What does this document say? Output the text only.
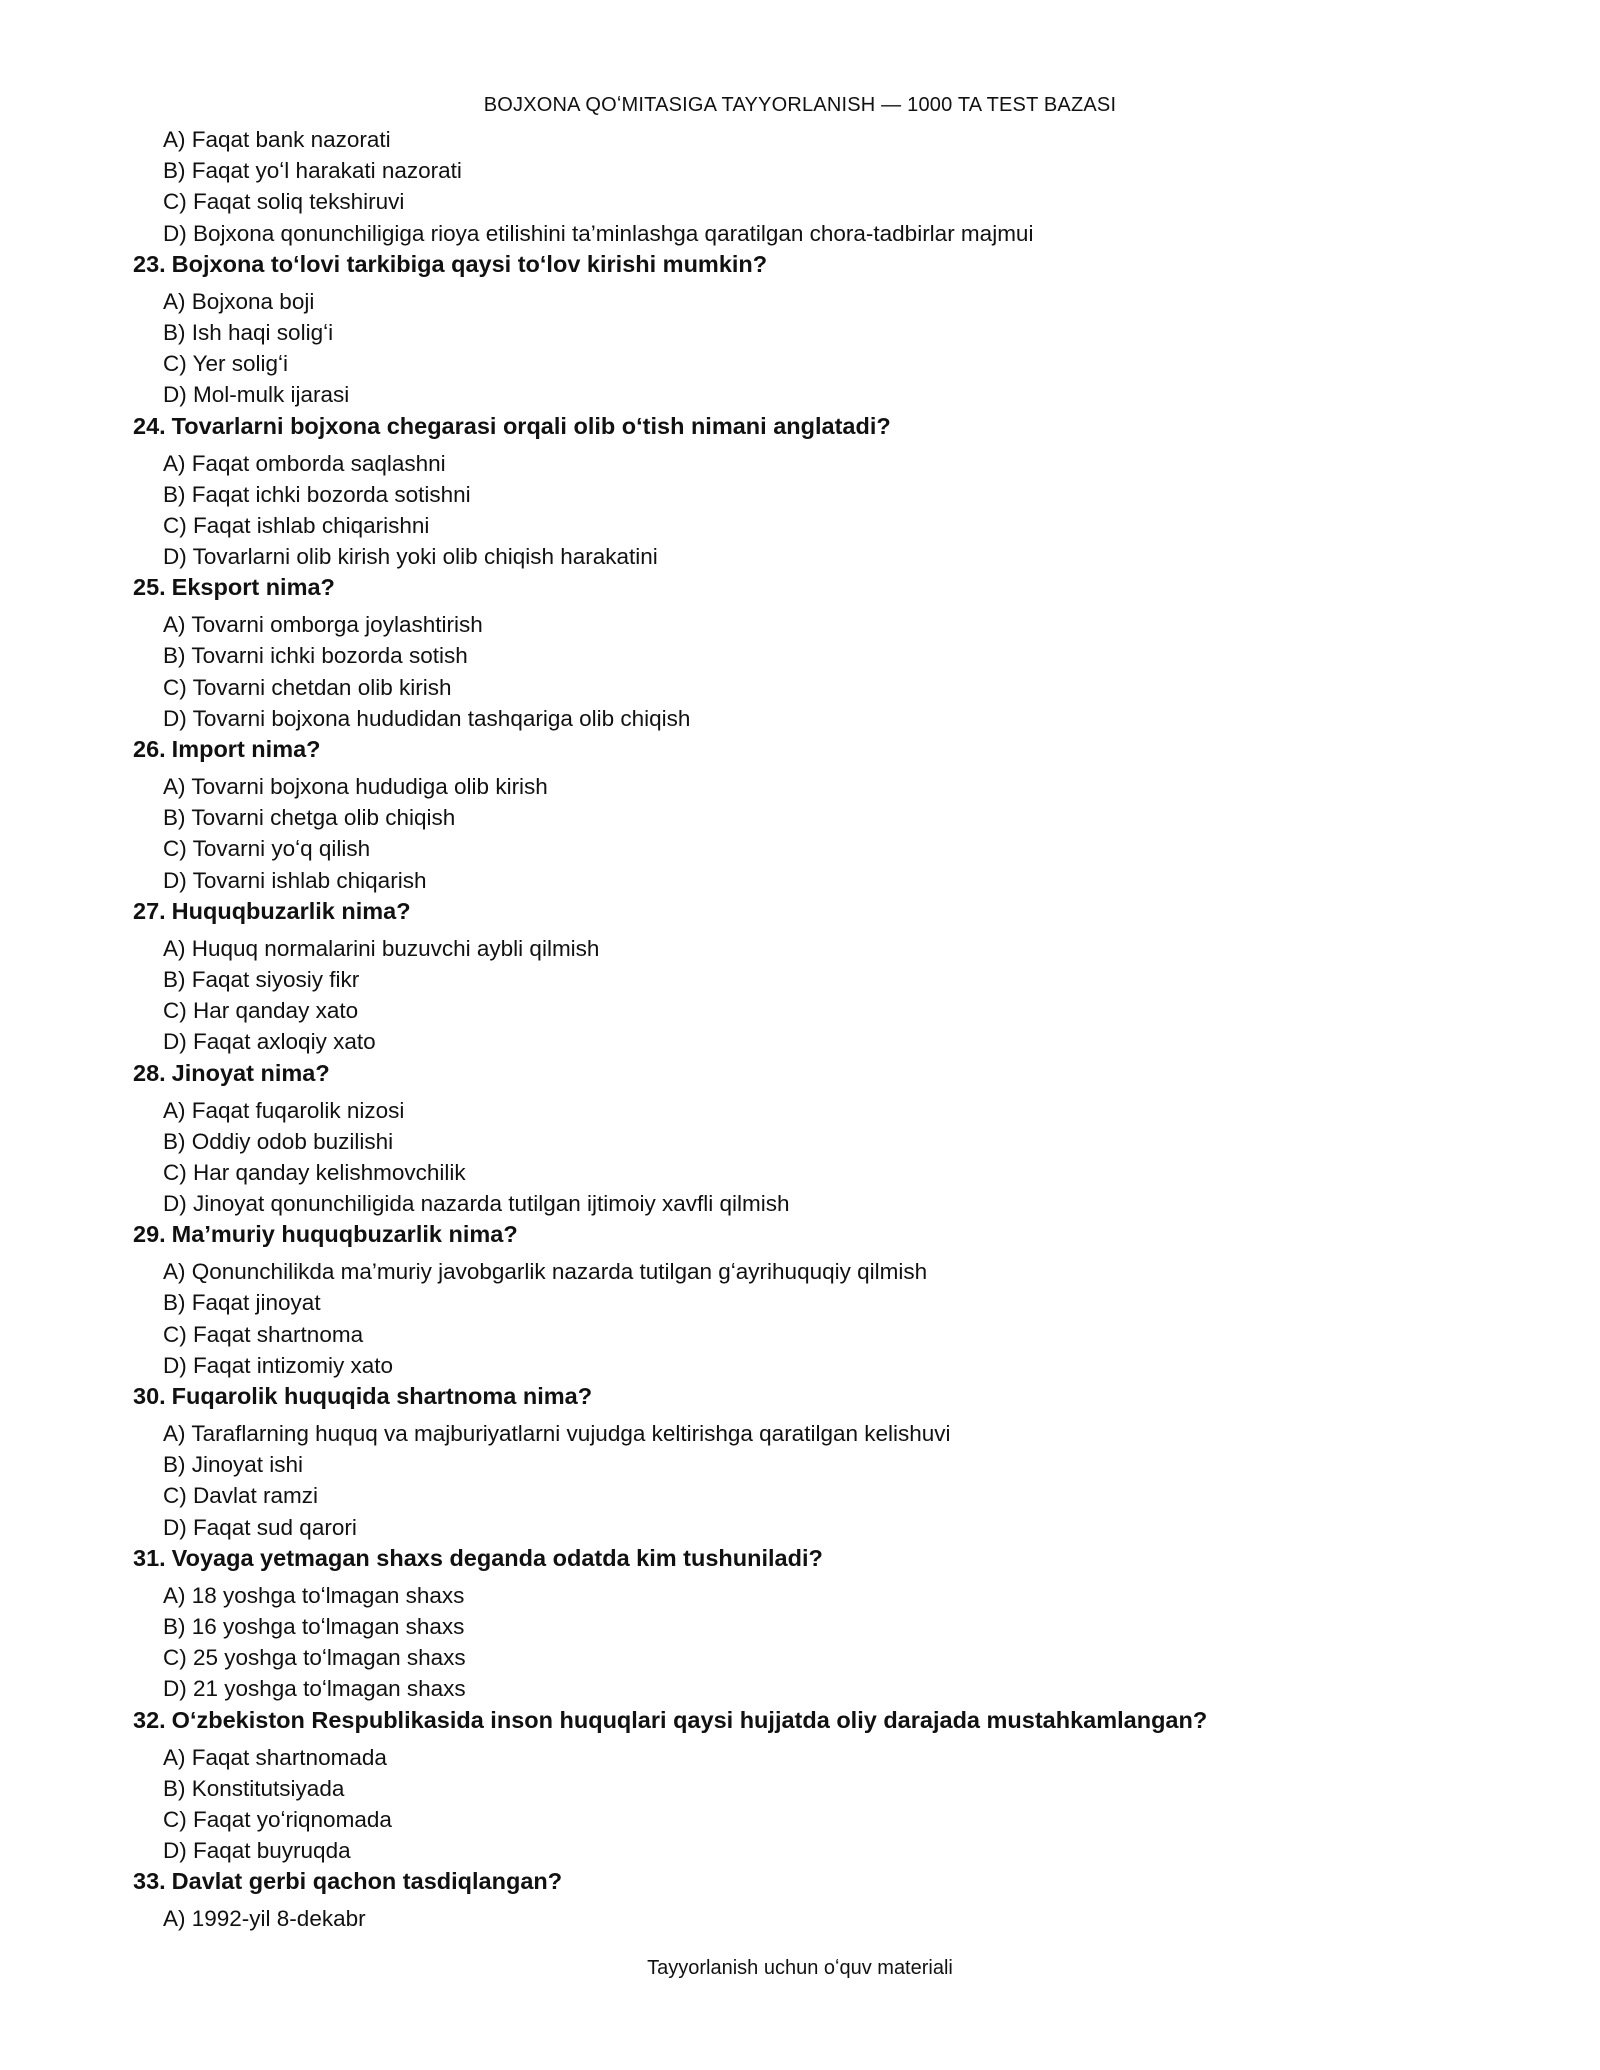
BOJXONA QOʻMITASIGA TAYYORLANISH — 1000 TA TEST BAZASI
A) Faqat bank nazorati
B) Faqat yoʻl harakati nazorati
C) Faqat soliq tekshiruvi
D) Bojxona qonunchiligiga rioya etilishini ta’minlashga qaratilgan chora-tadbirlar majmui
23. Bojxona toʻlovi tarkibiga qaysi toʻlov kirishi mumkin?
A) Bojxona boji
B) Ish haqi soligʻi
C) Yer soligʻi
D) Mol-mulk ijarasi
24. Tovarlarni bojxona chegarasi orqali olib oʻtish nimani anglatadi?
A) Faqat omborda saqlashni
B) Faqat ichki bozorda sotishni
C) Faqat ishlab chiqarishni
D) Tovarlarni olib kirish yoki olib chiqish harakatini
25. Eksport nima?
A) Tovarni omborga joylashtirish
B) Tovarni ichki bozorda sotish
C) Tovarni chetdan olib kirish
D) Tovarni bojxona hududidan tashqariga olib chiqish
26. Import nima?
A) Tovarni bojxona hududiga olib kirish
B) Tovarni chetga olib chiqish
C) Tovarni yoʻq qilish
D) Tovarni ishlab chiqarish
27. Huquqbuzarlik nima?
A) Huquq normalarini buzuvchi aybli qilmish
B) Faqat siyosiy fikr
C) Har qanday xato
D) Faqat axloqiy xato
28. Jinoyat nima?
A) Faqat fuqarolik nizosi
B) Oddiy odob buzilishi
C) Har qanday kelishmovchilik
D) Jinoyat qonunchiligida nazarda tutilgan ijtimoiy xavfli qilmish
29. Ma’muriy huquqbuzarlik nima?
A) Qonunchilikda ma’muriy javobgarlik nazarda tutilgan gʻayrihuquqiy qilmish
B) Faqat jinoyat
C) Faqat shartnoma
D) Faqat intizomiy xato
30. Fuqarolik huquqida shartnoma nima?
A) Taraflarning huquq va majburiyatlarni vujudga keltirishga qaratilgan kelishuvi
B) Jinoyat ishi
C) Davlat ramzi
D) Faqat sud qarori
31. Voyaga yetmagan shaxs deganda odatda kim tushuniladi?
A) 18 yoshga toʻlmagan shaxs
B) 16 yoshga toʻlmagan shaxs
C) 25 yoshga toʻlmagan shaxs
D) 21 yoshga toʻlmagan shaxs
32. Oʻzbekiston Respublikasida inson huquqlari qaysi hujjatda oliy darajada mustahkamlangan?
A) Faqat shartnomada
B) Konstitutsiyada
C) Faqat yoʻriqnomada
D) Faqat buyruqda
33. Davlat gerbi qachon tasdiqlangan?
A) 1992-yil 8-dekabr
Tayyorlanish uchun oʻquv materiali
